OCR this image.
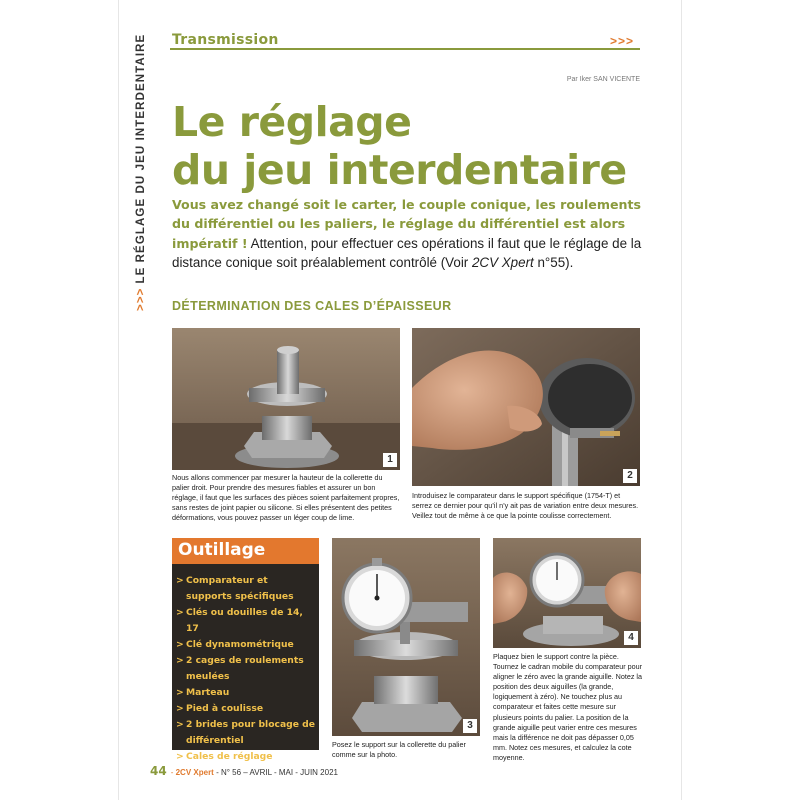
Transmission	>>>
>>>LE RÉGLAGE DU JEU INTERDENTAIRE	Par Iker SAN VICENTE
Le réglage
du jeu interdentaire

Vous avez changé soit le carter, le couple conique, les roulements du différentiel ou les paliers, le réglage du différentiel est alors impératif ! Attention, pour effectuer ces opérations il faut que le réglage de la distance conique soit préalablement contrôlé (Voir 2CV Xpert n°55).

DÉTERMINATION DES CALES D’ÉPAISSEUR
1
Nous allons commencer par mesurer la hauteur de la collerette du palier droit. Pour prendre des mesures fiables et assurer un bon réglage, il faut que les surfaces des pièces soient parfaitement propres, sans restes de joint papier ou silicone. Si elles présentent des petites déformations, vous pouvez passer un léger coup de lime.
2
Introduisez le comparateur dans le support spécifique (1754-T) et serrez ce dernier pour qu’il n’y ait pas de variation entre deux mesures. Veillez tout de même à ce que la pointe coulisse correctement.
Outillage
> Comparateur et supports spécifiques
> Clés ou douilles de 14, 17
> Clé dynamométrique
> 2 cages de roulements meulées
> Marteau
> Pied à coulisse
> 2 brides pour blocage de différentiel
> Cales de réglage
3
Posez le support sur la collerette du palier comme sur la photo.
4
Plaquez bien le support contre la pièce. Tournez le cadran mobile du comparateur pour aligner le zéro avec la grande aiguille. Notez la position des deux aiguilles (la grande, logiquement à zéro). Ne touchez plus au comparateur et faites cette mesure sur plusieurs points du palier. La position de la grande aiguille peut varier entre ces mesures mais la différence ne doit pas dépasser 0,05 mm. Notez ces mesures, et calculez la cote moyenne.
44 - 2CV Xpert - N° 56 – AVRIL - MAI - JUIN 2021
